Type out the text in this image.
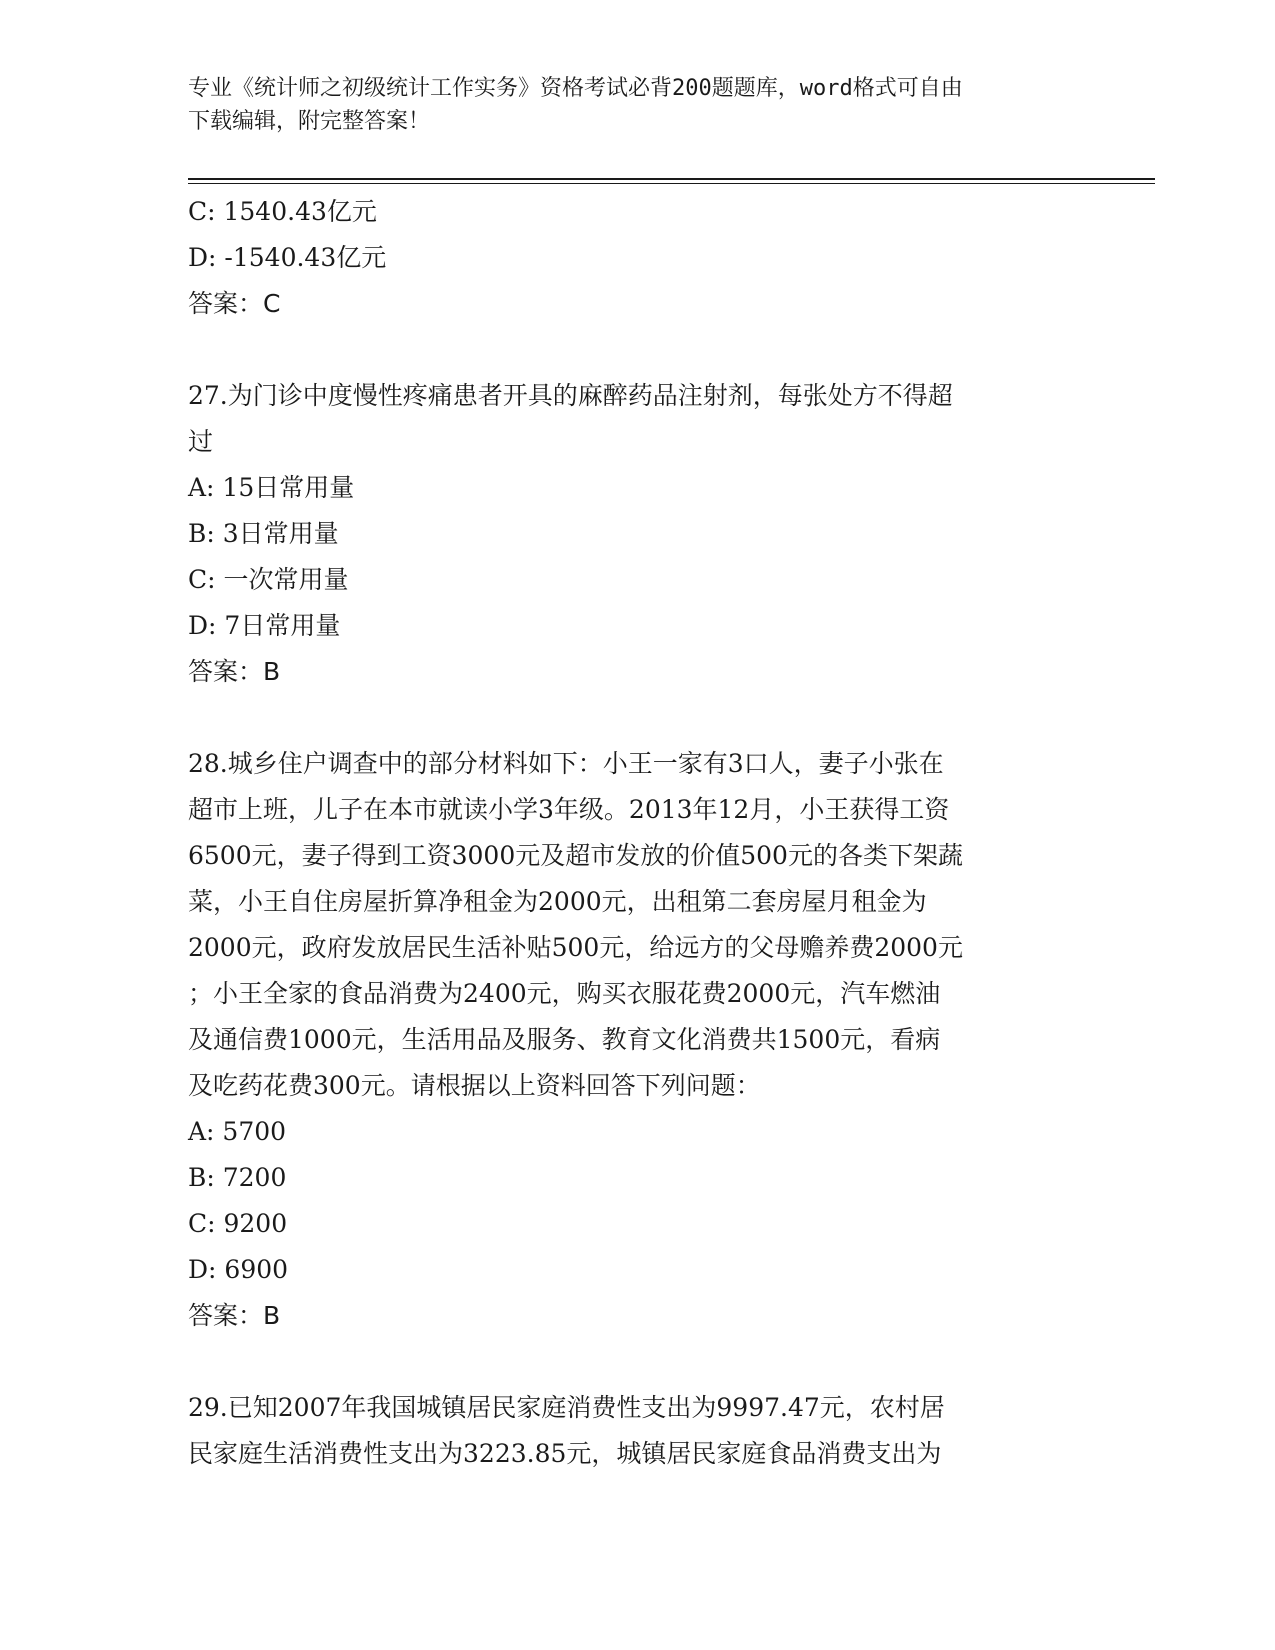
专业《统计师之初级统计工作实务》资格考试必背200题题库，word格式可自由
下载编辑，附完整答案！
C: 1540.43亿元
D: -1540.43亿元
答案：C
27.为门诊中度慢性疼痛患者开具的麻醉药品注射剂，每张处方不得超
过
A: 15日常用量
B: 3日常用量
C: 一次常用量
D: 7日常用量
答案：B
28.城乡住户调查中的部分材料如下：小王一家有3口人，妻子小张在
超市上班，儿子在本市就读小学3年级。2013年12月，小王获得工资
6500元，妻子得到工资3000元及超市发放的价值500元的各类下架蔬
菜，小王自住房屋折算净租金为2000元，出租第二套房屋月租金为
2000元，政府发放居民生活补贴500元，给远方的父母赡养费2000元
；小王全家的食品消费为2400元，购买衣服花费2000元，汽车燃油
及通信费1000元，生活用品及服务、教育文化消费共1500元，看病
及吃药花费300元。请根据以上资料回答下列问题：
A: 5700
B: 7200
C: 9200
D: 6900
答案：B
29.已知2007年我国城镇居民家庭消费性支出为9997.47元，农村居
民家庭生活消费性支出为3223.85元，城镇居民家庭食品消费支出为
